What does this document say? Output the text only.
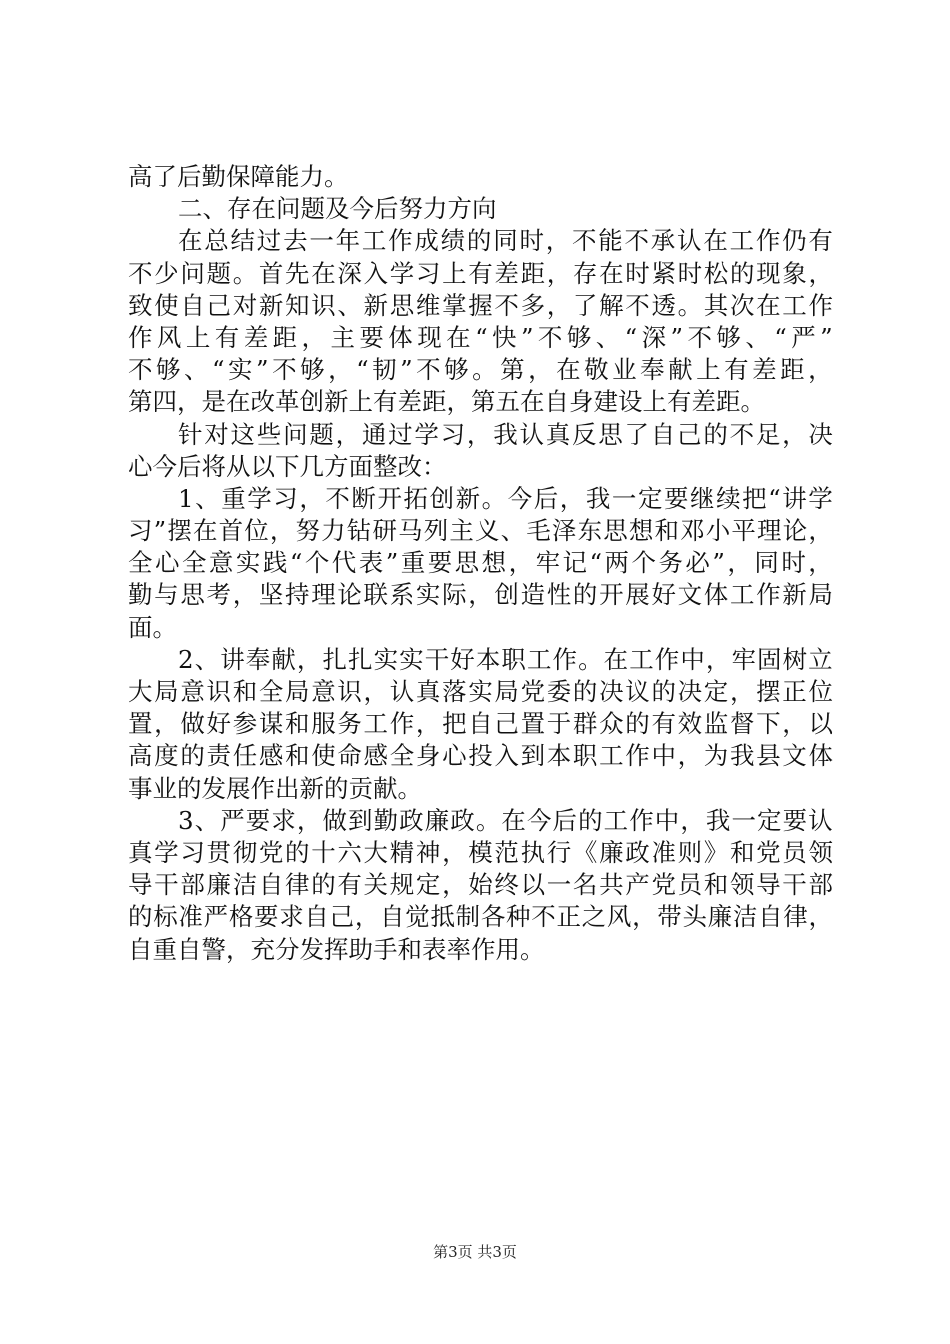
高了后勤保障能力。
二、存在问题及今后努力方向
在 总 结 过 去 一 年 工 作 成 绩 的 同 时 ， 不 能 不 承 认 在 工 作 仍 有
不 少 问 题 。 首 先 在 深 入 学 习 上 有 差 距 ， 存 在 时 紧 时 松 的 现 象 ，
致 使 自 己 对 新 知 识 、 新 思 维 掌 握 不 多 ， 了 解 不 透 。 其 次 在 工 作
作 风 上 有 差 距 ， 主 要 体 现 在 “ 快 ” 不 够 、 “ 深 ” 不 够 、 “ 严 ”
不 够 、 “ 实 ” 不 够 ， “ 韧 ” 不 够 。 第 ， 在 敬 业 奉 献 上 有 差 距 ，
第四，是在改革创新上有差距，第五在自身建设上有差距。
针 对 这 些 问 题 ， 通 过 学 习 ， 我 认 真 反 思 了 自 己 的 不 足 ， 决
心今后将从以下几方面整改：
1 、 重 学 习 ， 不 断 开 拓 创 新 。 今 后 ， 我 一 定 要 继 续 把 “ 讲 学
习 ” 摆 在 首 位 ， 努 力 钻 研 马 列 主 义 、 毛 泽 东 思 想 和 邓 小 平 理 论 ，
全 心 全 意 实 践 “ 个 代 表 ” 重 要 思 想 ， 牢 记 “ 两 个 务 必 ” ， 同 时 ，
勤 与 思 考 ， 坚 持 理 论 联 系 实 际 ， 创 造 性 的 开 展 好 文 体 工 作 新 局
面。
2 、 讲 奉 献 ， 扎 扎 实 实 干 好 本 职 工 作 。 在 工 作 中 ， 牢 固 树 立
大 局 意 识 和 全 局 意 识 ， 认 真 落 实 局 党 委 的 决 议 的 决 定 ， 摆 正 位
置 ， 做 好 参 谋 和 服 务 工 作 ， 把 自 己 置 于 群 众 的 有 效 监 督 下 ， 以
高 度 的 责 任 感 和 使 命 感 全 身 心 投 入 到 本 职 工 作 中 ， 为 我 县 文 体
事业的发展作出新的贡献。
3 、 严 要 求 ， 做 到 勤 政 廉 政 。 在 今 后 的 工 作 中 ， 我 一 定 要 认
真 学 习 贯 彻 党 的 十 六 大 精 神 ， 模 范 执 行 《 廉 政 准 则 》 和 党 员 领
导 干 部 廉 洁 自 律 的 有 关 规 定 ， 始 终 以 一 名 共 产 党 员 和 领 导 干 部
的 标 准 严 格 要 求 自 己 ， 自 觉 抵 制 各 种 不 正 之 风 ， 带 头 廉 洁 自 律 ，
自重自警，充分发挥助手和表率作用。
第3页 共3页
